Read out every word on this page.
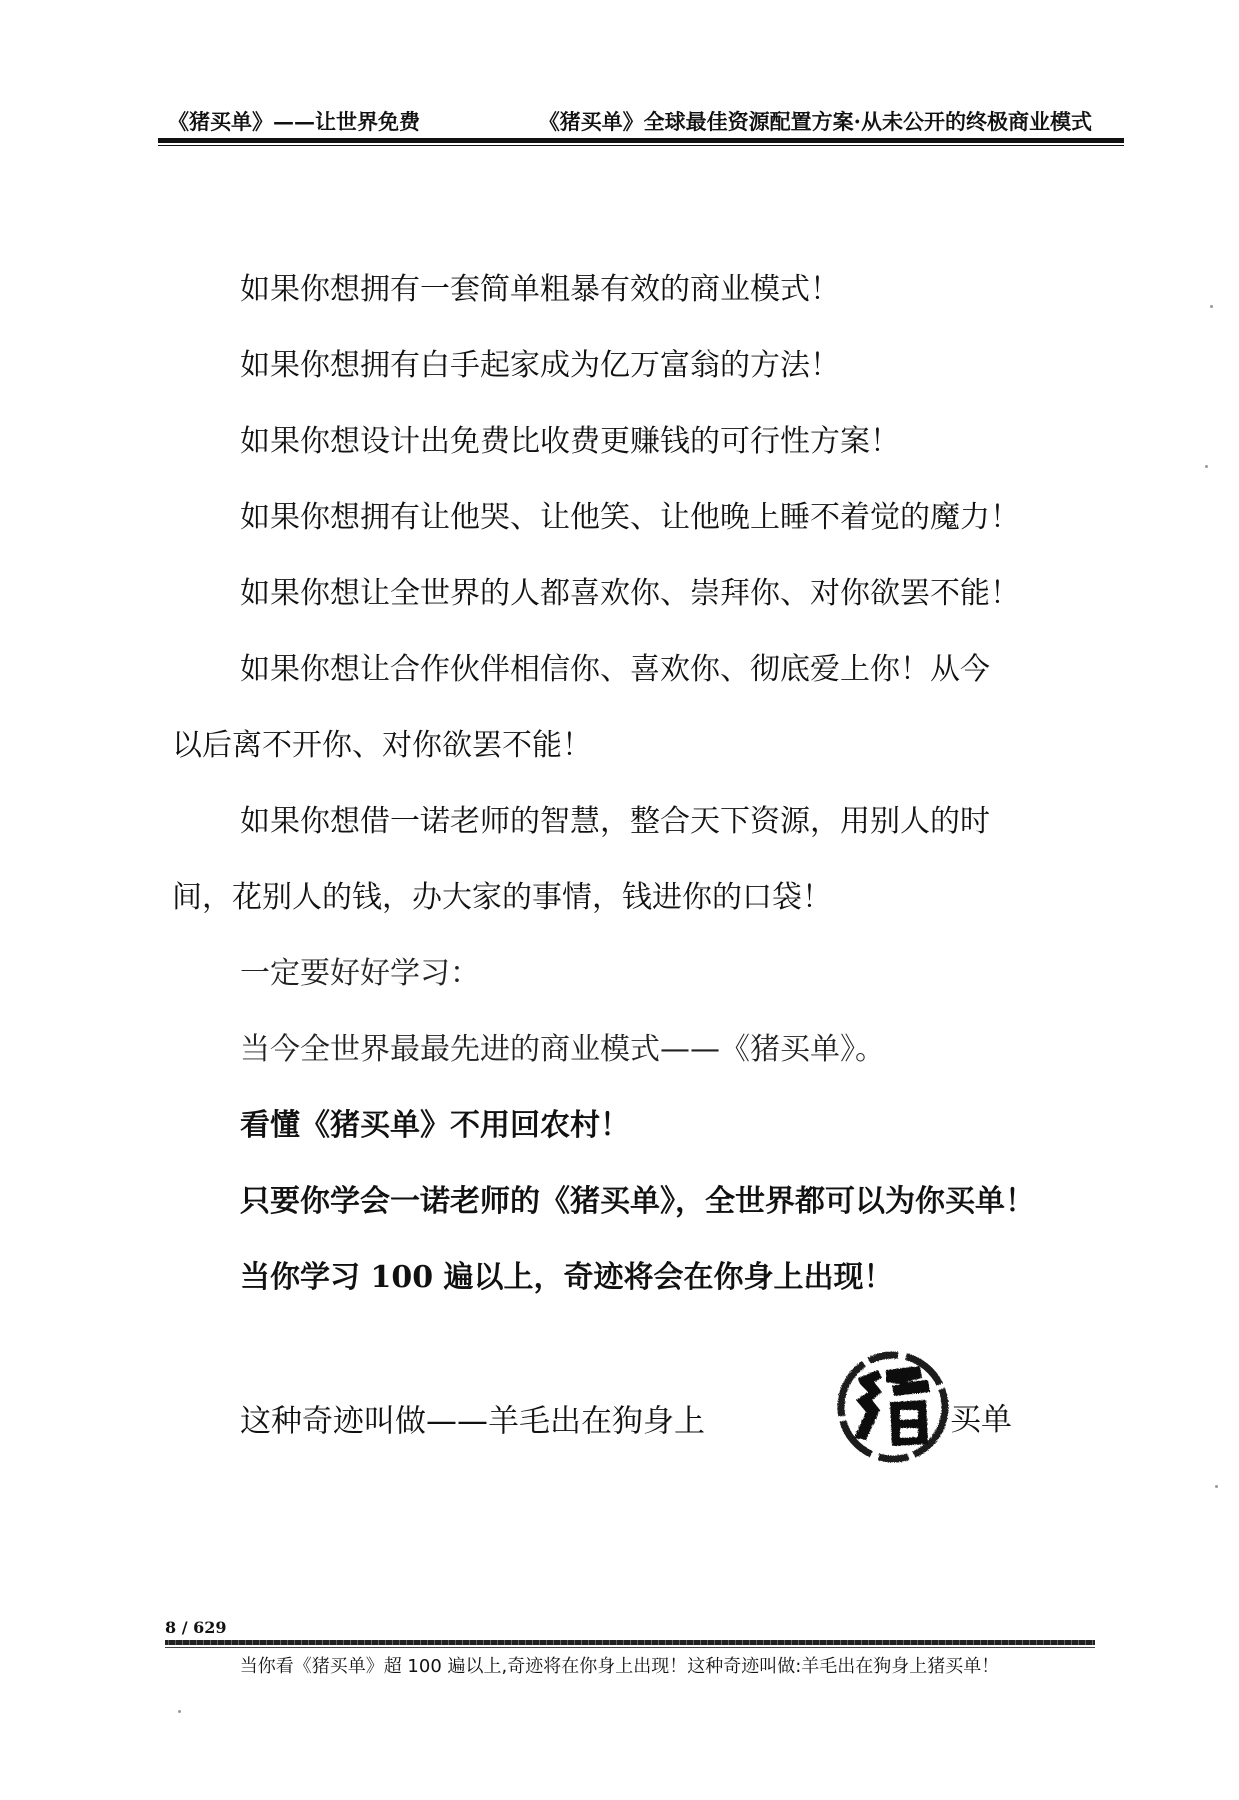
《猪买单》——让世界免费	《猪买单》全球最佳资源配置方案·从未公开的终极商业模式
如果你想拥有一套简单粗暴有效的商业模式！
如果你想拥有白手起家成为亿万富翁的方法！
如果你想设计出免费比收费更赚钱的可行性方案！
如果你想拥有让他哭、让他笑、让他晚上睡不着觉的魔力！
如果你想让全世界的人都喜欢你、崇拜你、对你欲罢不能！
如果你想让合作伙伴相信你、喜欢你、彻底爱上你！从今
以后离不开你、对你欲罢不能！
如果你想借一诺老师的智慧，整合天下资源，用别人的时
间，花别人的钱，办大家的事情，钱进你的口袋！
一定要好好学习：
当今全世界最最先进的商业模式——《猪买单》。
看懂《猪买单》不用回农村！
只要你学会一诺老师的《猪买单》，全世界都可以为你买单！
当你学习 100 遍以上，奇迹将会在你身上出现！
这种奇迹叫做——羊毛出在狗身上	买单
8 / 629
当你看《猪买单》超 100 遍以上,奇迹将在你身上出现！这种奇迹叫做:羊毛出在狗身上猪买单！
